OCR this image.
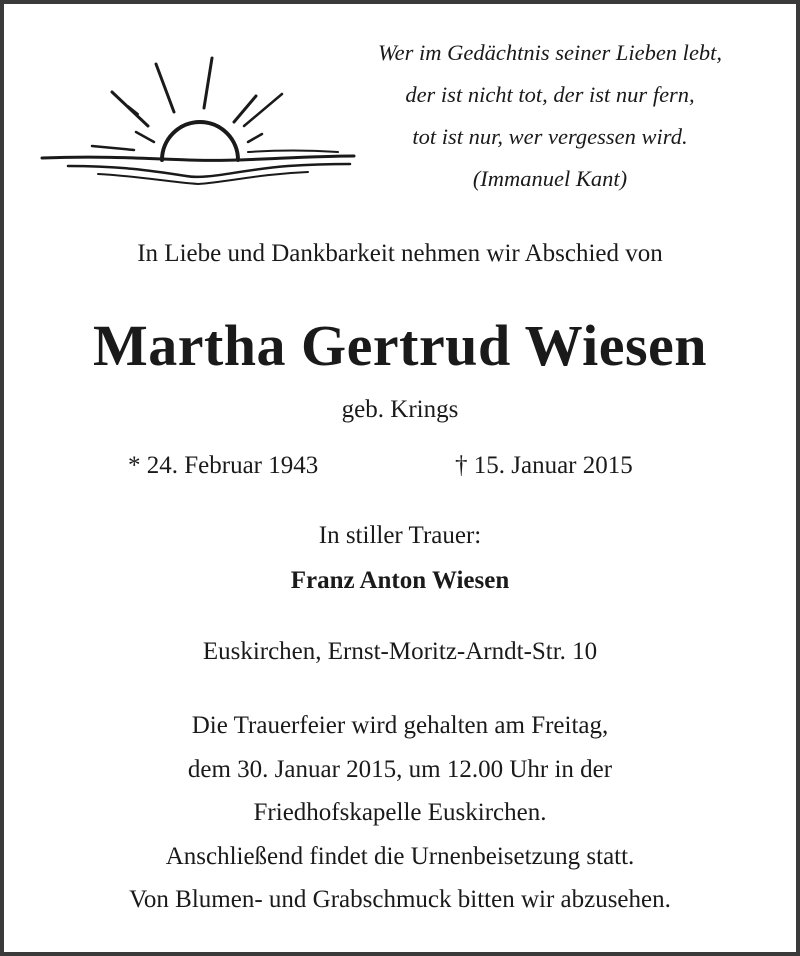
Wer im Gedächtnis seiner Lieben lebt,
der ist nicht tot, der ist nur fern,
tot ist nur, wer vergessen wird.
(Immanuel Kant)
In Liebe und Dankbarkeit nehmen wir Abschied von
Martha Gertrud Wiesen
geb. Krings
* 24. Februar 1943	† 15. Januar 2015
In stiller Trauer:
Franz Anton Wiesen
Euskirchen, Ernst-Moritz-Arndt-Str. 10
Die Trauerfeier wird gehalten am Freitag,
dem 30. Januar 2015, um 12.00 Uhr in der
Friedhofskapelle Euskirchen.
Anschließend findet die Urnenbeisetzung statt.
Von Blumen- und Grabschmuck bitten wir abzusehen.
